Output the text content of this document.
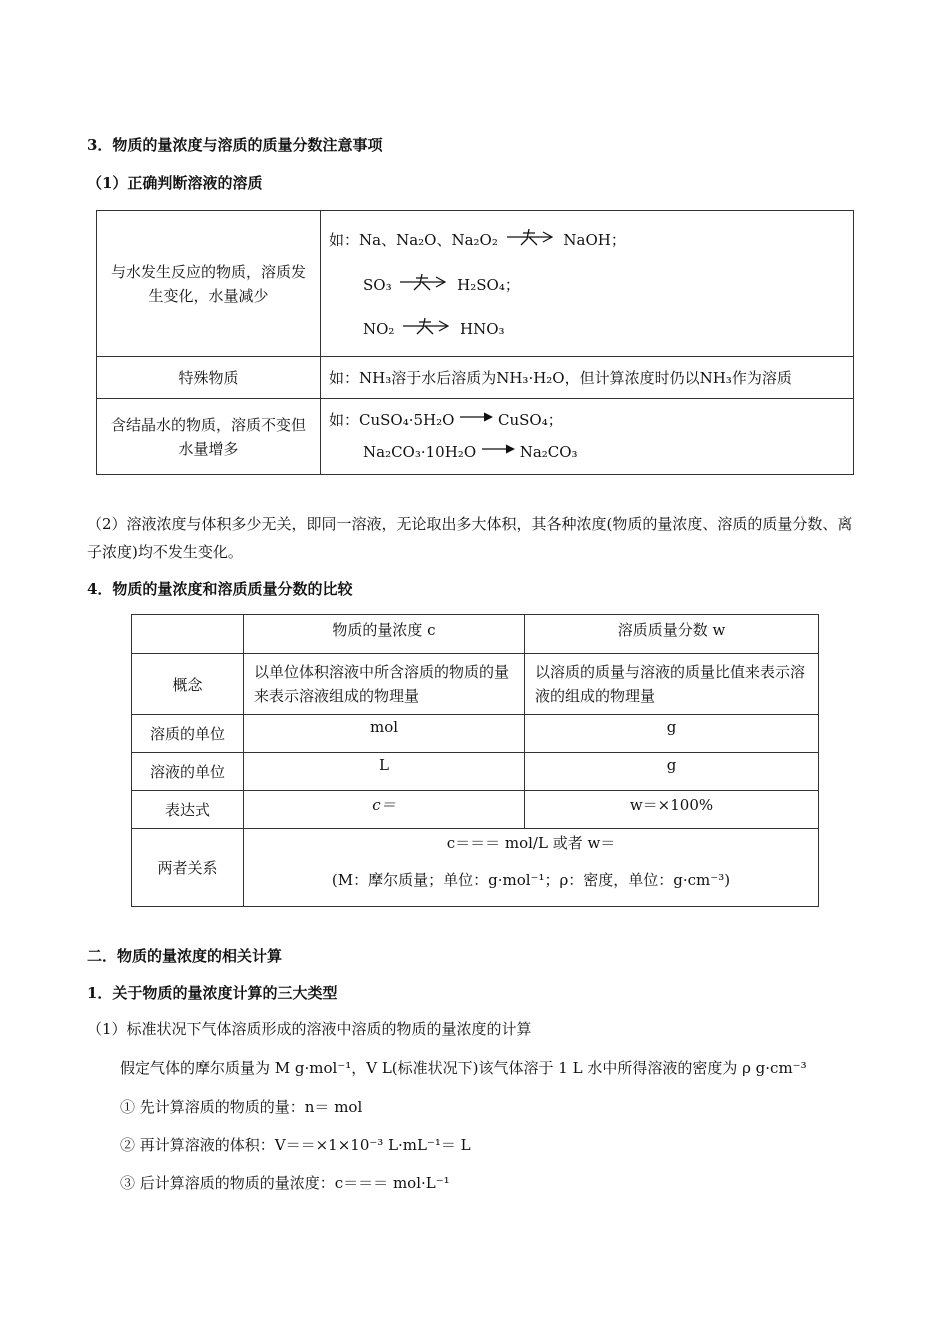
3．物质的量浓度与溶质的质量分数注意事项
（1）正确判断溶液的溶质
与水发生反应的物质，溶质发生变化，水量减少	如：Na、Na₂O、Na₂O₂ NaOH；
SO₃ H₂SO₄；
NO₂ HNO₃

特殊物质	如：NH₃溶于水后溶质为NH₃·H₂O，但计算浓度时仍以NH₃作为溶质
含结晶水的物质，溶质不变但水量增多	如：CuSO₄·5H₂O CuSO₄；
Na₂CO₃·10H₂O Na₂CO₃
（2）溶液浓度与体积多少无关，即同一溶液，无论取出多大体积，其各种浓度(物质的量浓度、溶质的质量分数、离子浓度)均不发生变化。
4．物质的量浓度和溶质质量分数的比较
	物质的量浓度 c	溶质质量分数 w
概念	以单位体积溶液中所含溶质的物质的量来表示溶液组成的物理量	以溶质的质量与溶液的质量比值来表示溶液的组成的物理量
溶质的单位	mol	g
溶液的单位	L	g
表达式	c＝	w＝×100%
两者关系	c＝＝＝ mol/L 或者 w＝
(M：摩尔质量；单位：g·mol⁻¹；ρ：密度，单位：g·cm⁻³)	
二．物质的量浓度的相关计算
1．关于物质的量浓度计算的三大类型
（1）标准状况下气体溶质形成的溶液中溶质的物质的量浓度的计算
假定气体的摩尔质量为 M g·mol⁻¹，V L(标准状况下)该气体溶于 1 L 水中所得溶液的密度为 ρ g·cm⁻³
① 先计算溶质的物质的量：n＝ mol
② 再计算溶液的体积：V＝＝×1×10⁻³ L·mL⁻¹＝ L
③ 后计算溶质的物质的量浓度：c＝＝＝ mol·L⁻¹
